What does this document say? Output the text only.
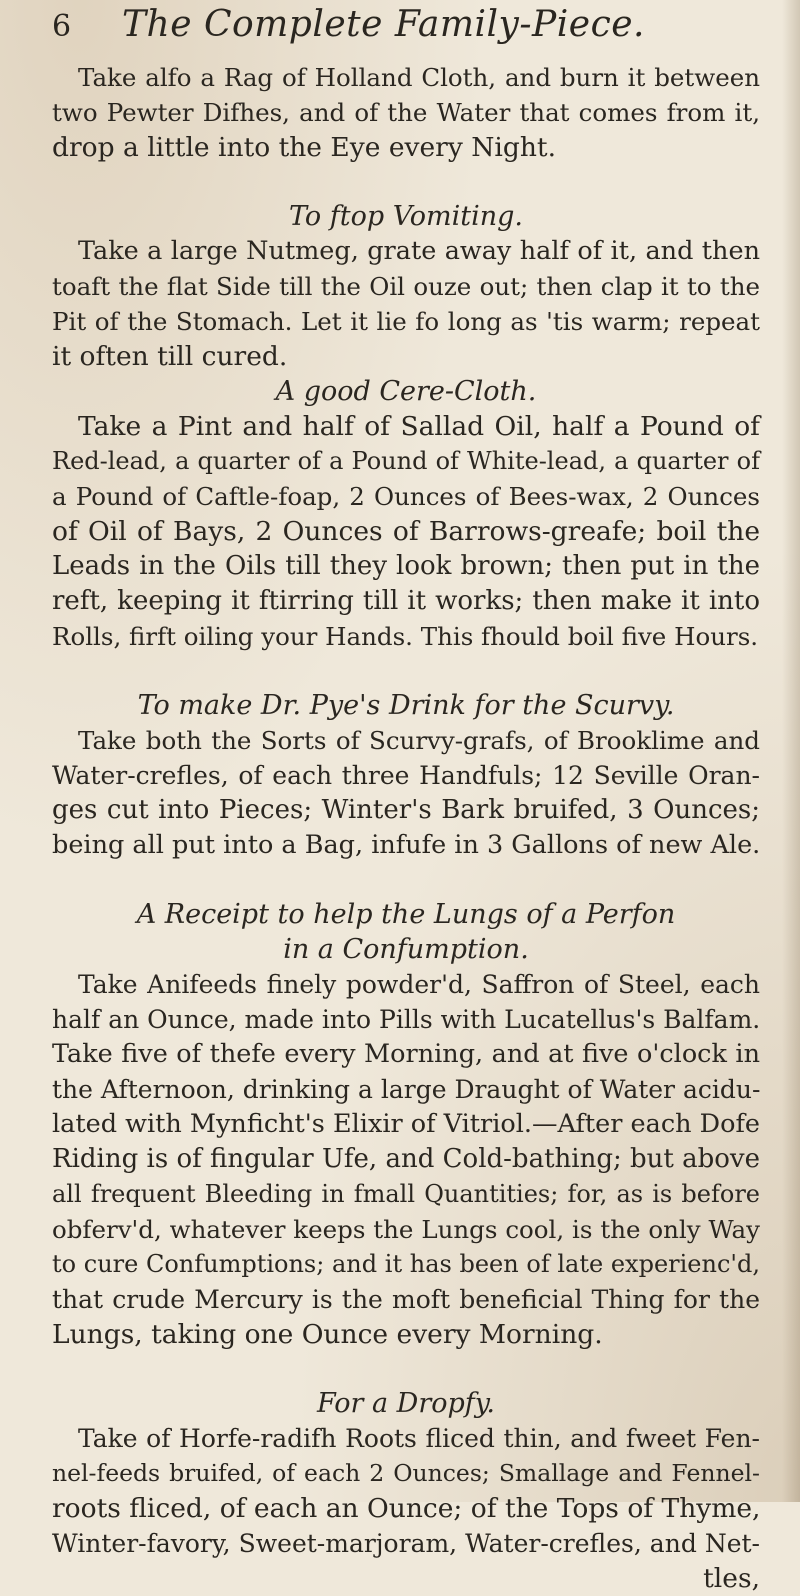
6	The Complete Family-Piece.

Take alfo a Rag of Holland Cloth, and burn it between
two Pewter Difhes, and of the Water that comes from it,
drop a little into the Eye every Night.

To ftop Vomiting.

Take a large Nutmeg, grate away half of it, and then
toaft the flat Side till the Oil ouze out; then clap it to the
Pit of the Stomach. Let it lie fo long as 'tis warm; repeat
it often till cured.

A good Cere-Cloth.

Take a Pint and half of Sallad Oil, half a Pound of
Red-lead, a quarter of a Pound of White-lead, a quarter of
a Pound of Caftle-foap, 2 Ounces of Bees-wax, 2 Ounces
of Oil of Bays, 2 Ounces of Barrows-greafe; boil the
Leads in the Oils till they look brown; then put in the
reft, keeping it ftirring till it works; then make it into
Rolls, firft oiling your Hands. This fhould boil five Hours.

To make Dr. Pye's Drink for the Scurvy.

Take both the Sorts of Scurvy-grafs, of Brooklime and
Water-crefles, of each three Handfuls; 12 Seville Oran-
ges cut into Pieces; Winter's Bark bruifed, 3 Ounces;
being all put into a Bag, infufe in 3 Gallons of new Ale.

A Receipt to help the Lungs of a Perfon in a Confumption.

Take Anifeeds finely powder'd, Saffron of Steel, each
half an Ounce, made into Pills with Lucatellus's Balfam.
Take five of thefe every Morning, and at five o'clock in
the Afternoon, drinking a large Draught of Water acidu-
lated with Mynficht's Elixir of Vitriol.—After each Dofe
Riding is of fingular Ufe, and Cold-bathing; but above
all frequent Bleeding in fmall Quantities; for, as is before
obferv'd, whatever keeps the Lungs cool, is the only Way
to cure Confumptions; and it has been of late experienc'd,
that crude Mercury is the moft beneficial Thing for the
Lungs, taking one Ounce every Morning.

For a Dropfy.

Take of Horfe-radifh Roots fliced thin, and fweet Fen-
nel-feeds bruifed, of each 2 Ounces; Smallage and Fennel-
roots fliced, of each an Ounce; of the Tops of Thyme,
Winter-favory, Sweet-marjoram, Water-crefles, and Net-
tles,
